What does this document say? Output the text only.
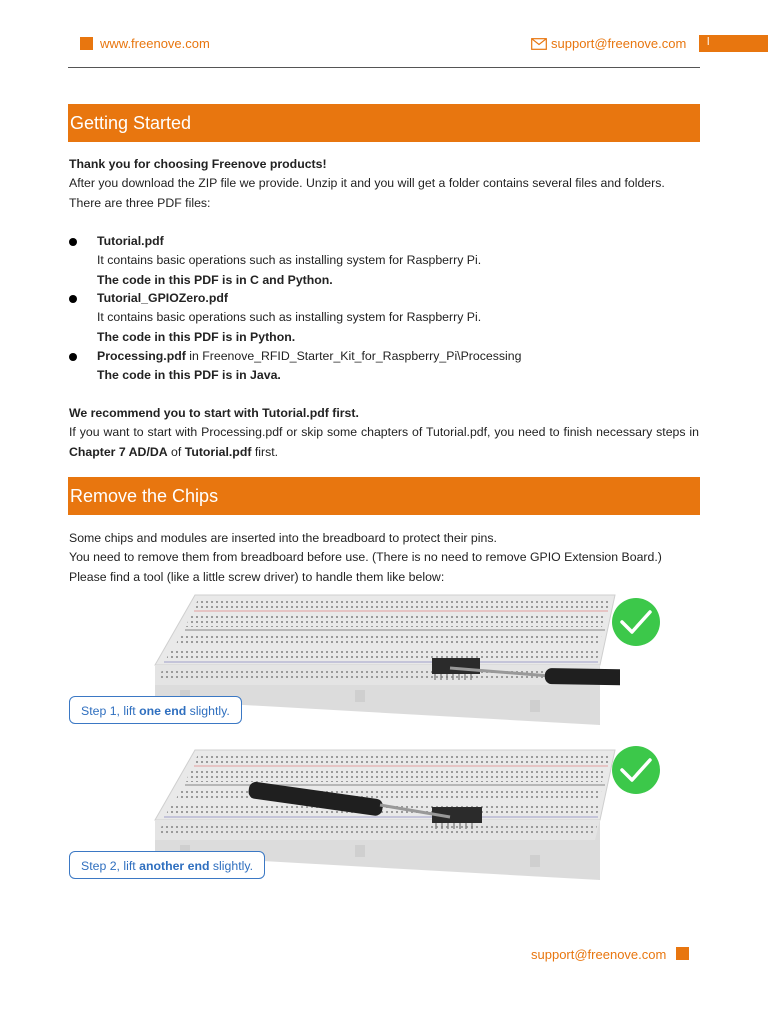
www.freenove.com	support@freenove.com l
Getting Started

Thank you for choosing Freenove products!

After you download the ZIP file we provide. Unzip it and you will get a folder contains several files and folders.

There are three PDF files:

Tutorial.pdf
It contains basic operations such as installing system for Raspberry Pi.
The code in this PDF is in C and Python.
Tutorial_GPIOZero.pdf
It contains basic operations such as installing system for Raspberry Pi.
The code in this PDF is in Python.
Processing.pdf in Freenove_RFID_Starter_Kit_for_Raspberry_Pi\Processing
The code in this PDF is in Java.

We recommend you to start with Tutorial.pdf first.

If you want to start with Processing.pdf or skip some chapters of Tutorial.pdf, you need to finish necessary steps in Chapter 7 AD/DA of Tutorial.pdf first.

Remove the Chips

Some chips and modules are inserted into the breadboard to protect their pins.

You need to remove them from breadboard before use. (There is no need to remove GPIO Extension Board.)

Please find a tool (like a little screw driver) to handle them like below:

Step 1, lift one end slightly.
Step 2, lift another end slightly.
support@freenove.com
